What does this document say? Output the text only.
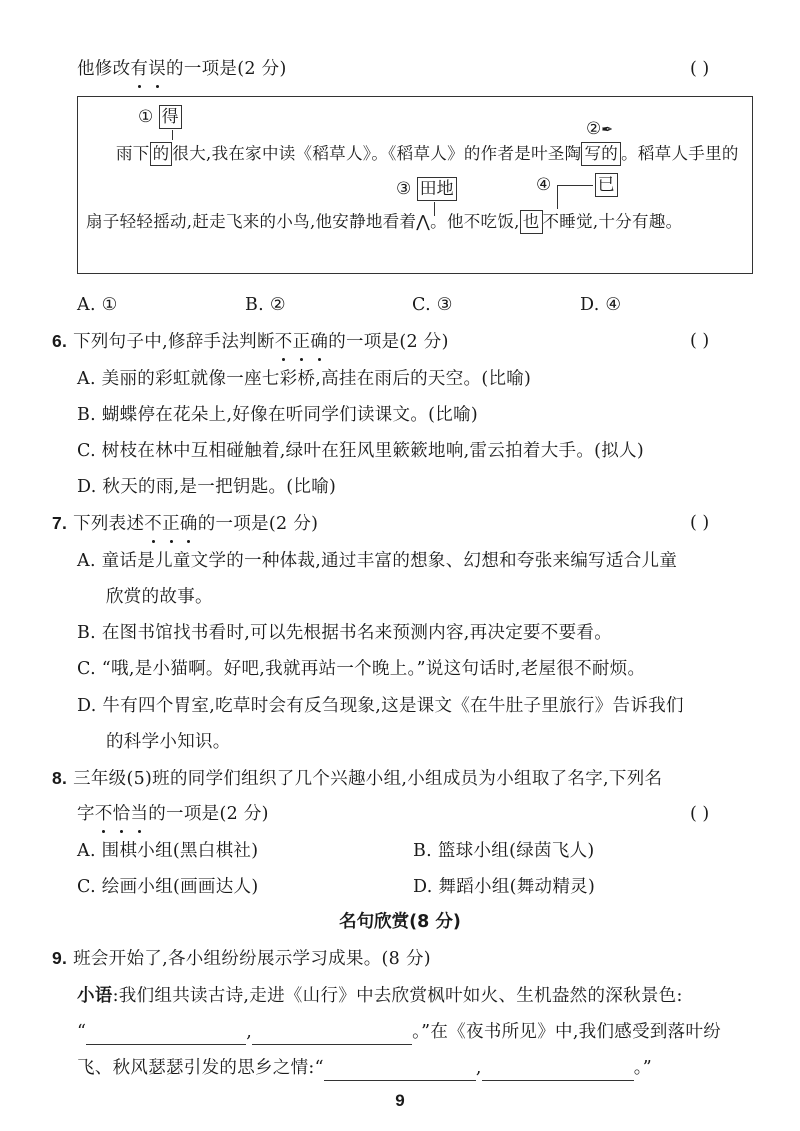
他修改有误的一项是(2 分)	( )
① 得
②✒
雨下 的 很大,我在家中读《稻草人》。《稻草人》的作者是叶圣陶 写的 。稻草人手里的
③ 田地	④	已
扇子轻轻摇动,赶走飞来的小鸟,他安静地看着⋀。他不吃饭, 也 不睡觉,十分有趣。
A. ①	B. ②	C. ③	D. ④
6. 下列句子中,修辞手法判断不正确的一项是(2 分)	( )
A. 美丽的彩虹就像一座七彩桥,高挂在雨后的天空。(比喻)
B. 蝴蝶停在花朵上,好像在听同学们读课文。(比喻)
C. 树枝在林中互相碰触着,绿叶在狂风里簌簌地响,雷云拍着大手。(拟人)
D. 秋天的雨,是一把钥匙。(比喻)
7. 下列表述不正确的一项是(2 分)	( )
A. 童话是儿童文学的一种体裁,通过丰富的想象、幻想和夸张来编写适合儿童
欣赏的故事。
B. 在图书馆找书看时,可以先根据书名来预测内容,再决定要不要看。
C. “哦,是小猫啊。好吧,我就再站一个晚上。”说这句话时,老屋很不耐烦。
D. 牛有四个胃室,吃草时会有反刍现象,这是课文《在牛肚子里旅行》告诉我们
的科学小知识。
8. 三年级(5)班的同学们组织了几个兴趣小组,小组成员为小组取了名字,下列名
字不恰当的一项是(2 分)	( )
A. 围棋小组(黑白棋社)	B. 篮球小组(绿茵飞人)
C. 绘画小组(画画达人)	D. 舞蹈小组(舞动精灵)
名句欣赏(8 分)
9. 班会开始了,各小组纷纷展示学习成果。(8 分)
小语:我们组共读古诗,走进《山行》中去欣赏枫叶如火、生机盎然的深秋景色:
“	,	。”在《夜书所见》中,我们感受到落叶纷
飞、秋风瑟瑟引发的思乡之情:“	,	。”
9
